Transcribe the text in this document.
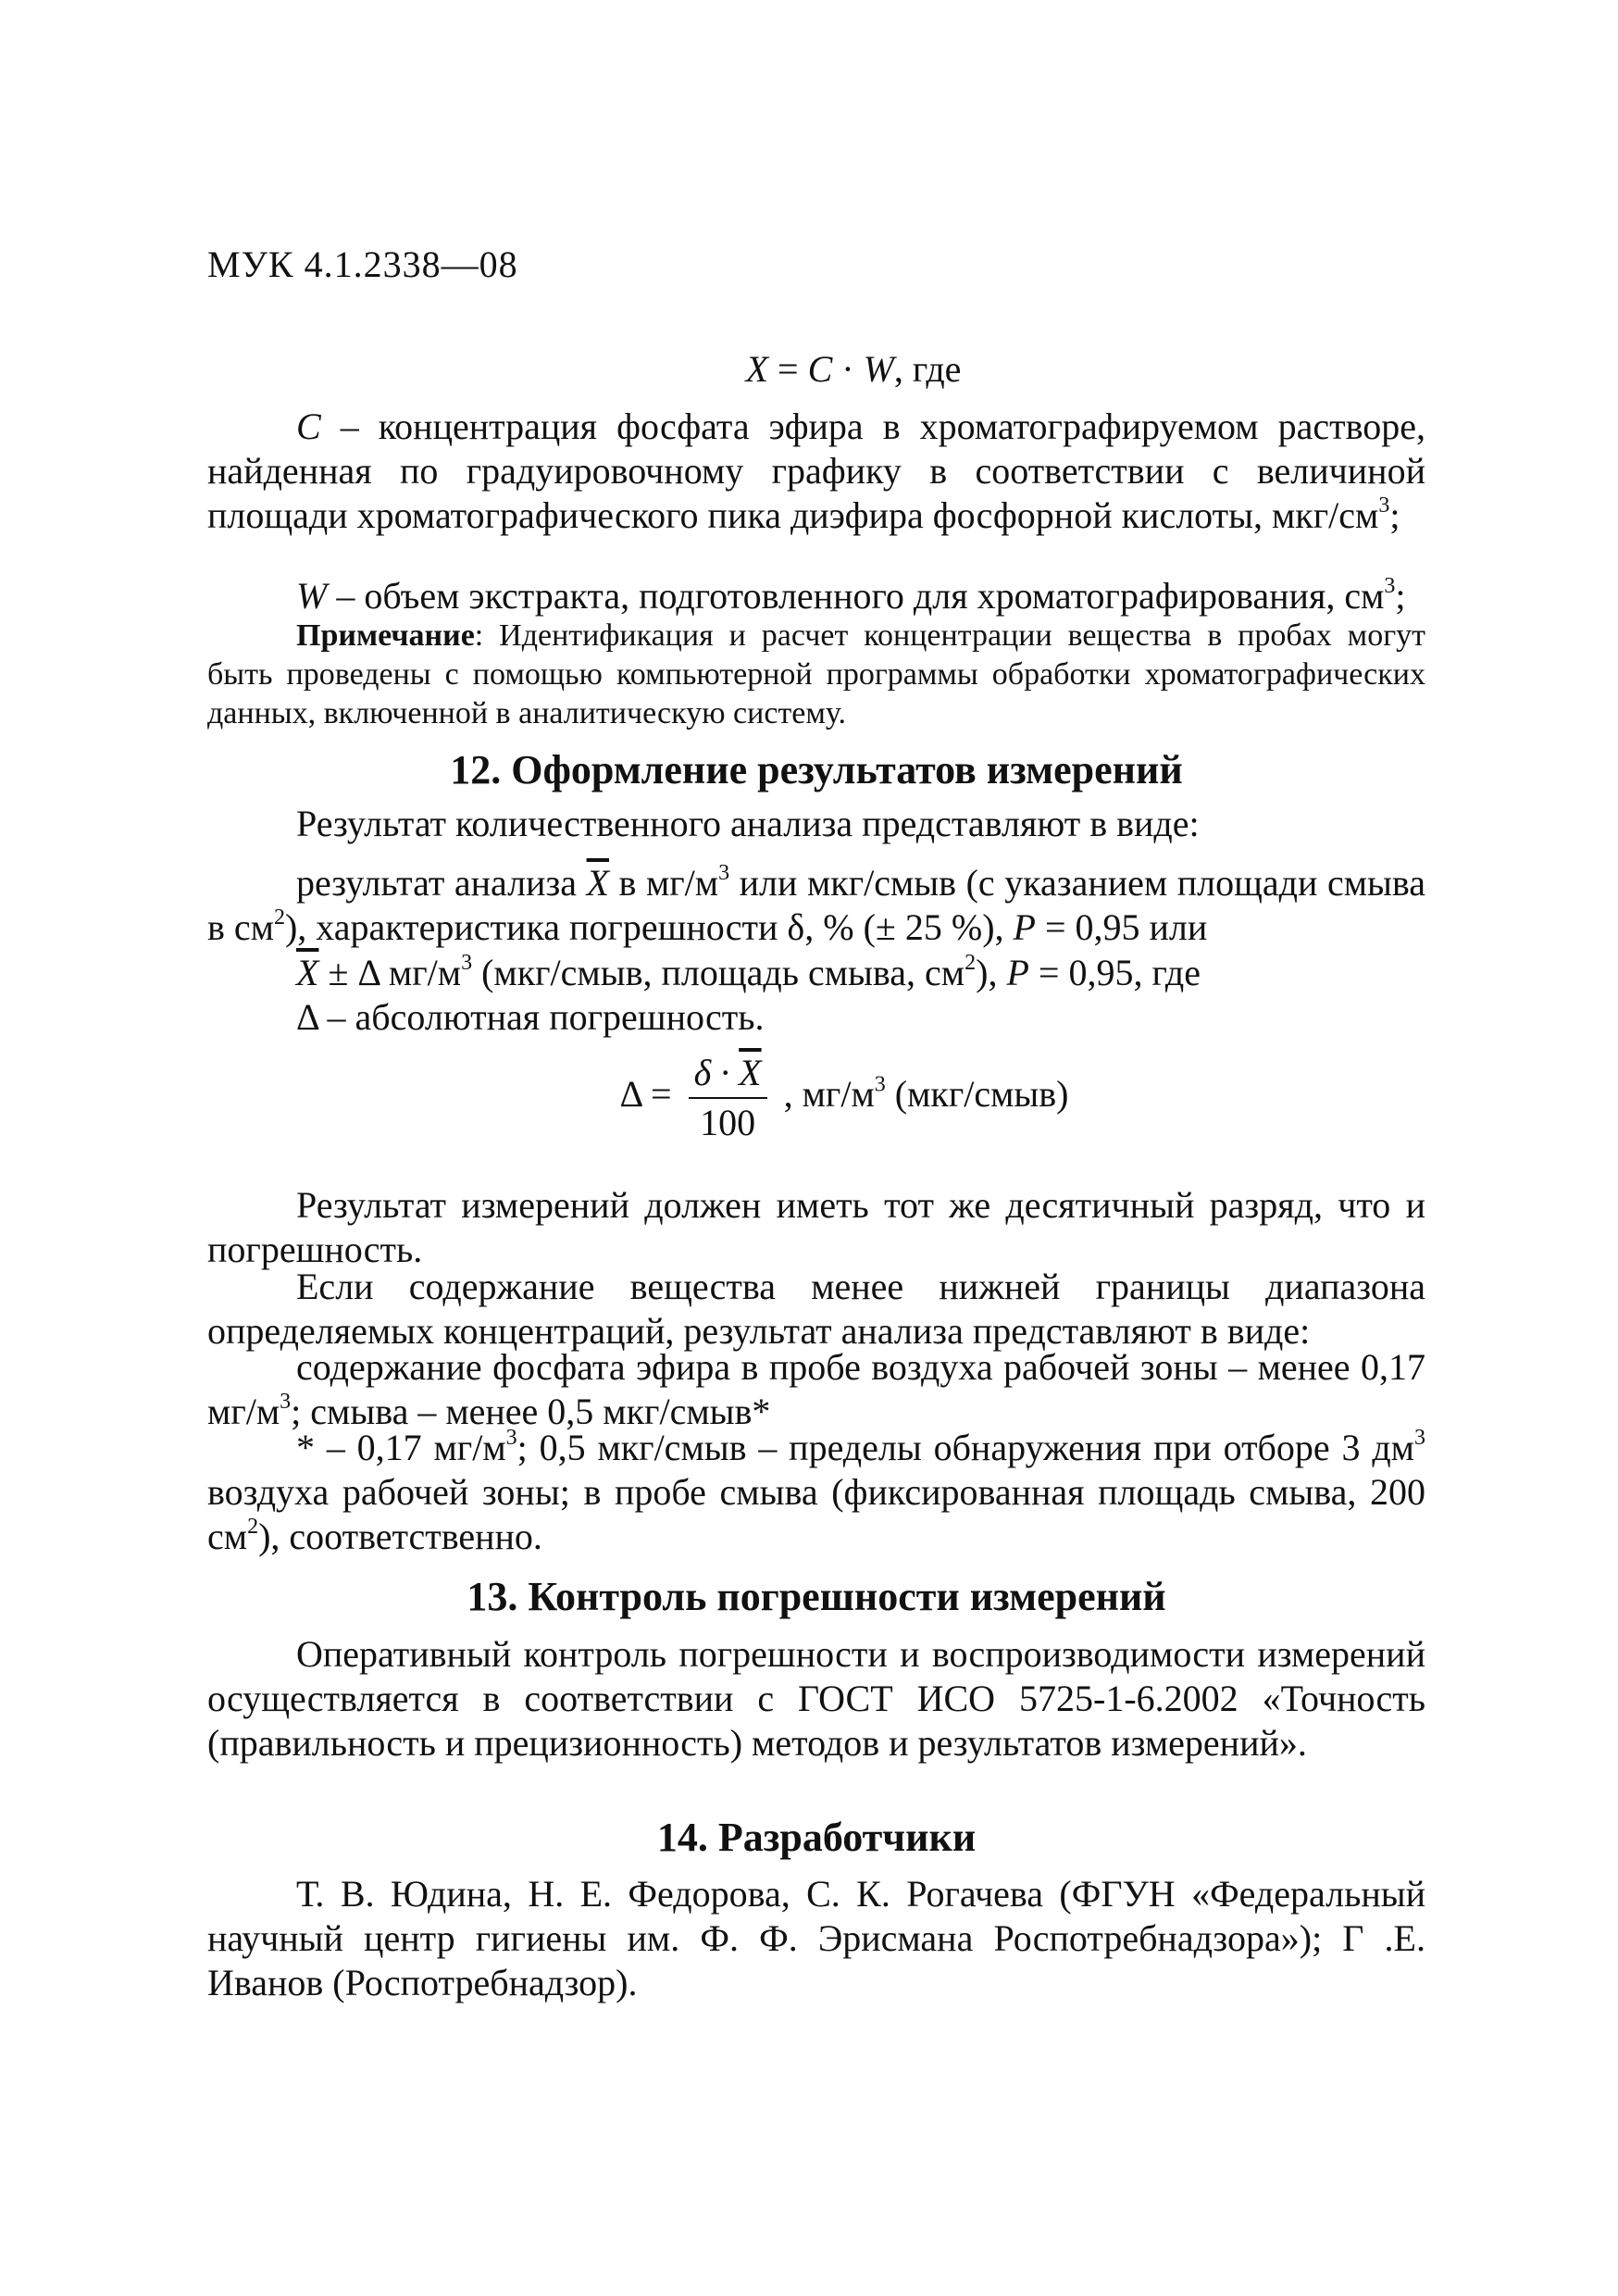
МУК 4.1.2338—08
X = C · W, где
C – концентрация фосфата эфира в хроматографируемом растворе, найденная по градуировочному графику в соответствии с величиной площади хроматографического пика диэфира фосфорной кислоты, мкг/$см^3$;
W – объем экстракта, подготовленного для хроматографирования, $см^3$;
Примечание: Идентификация и расчет концентрации вещества в пробах могут быть проведены с помощью компьютерной программы обработки хроматографических данных, включенной в аналитическую систему.
12. Оформление результатов измерений
Результат количественного анализа представляют в виде:
результат анализа $\overline{X}$ в $мг/м^3$ или мкг/смыв (с указанием площади смыва в $см^2$), характеристика погрешности δ, % (± 25 %), P = 0,95 или
$\overline{X} \pm \Delta$ $мг/м^3$ (мкг/смыв, площадь смыва, $см^2$), P = 0,95, где
Δ – абсолютная погрешность.
$\Delta = \frac{\delta \cdot \overline{X}}{100}$ , $мг/м^3$ (мкг/смыв)
Результат измерений должен иметь тот же десятичный разряд, что и погрешность.
Если содержание вещества менее нижней границы диапазона определяемых концентраций, результат анализа представляют в виде:
содержание фосфата эфира в пробе воздуха рабочей зоны – менее 0,17 $мг/м^3$; смыва – менее 0,5 мкг/смыв*
* – 0,17 $мг/м^3$; 0,5 мкг/смыв – пределы обнаружения при отборе 3 $дм^3$ воздуха рабочей зоны; в пробе смыва (фиксированная площадь смыва, 200 $см^2$), соответственно.
13. Контроль погрешности измерений
Оперативный контроль погрешности и воспроизводимости измерений осуществляется в соответствии с ГОСТ ИСО 5725-1-6.2002 «Точность (правильность и прецизионность) методов и результатов измерений».
14. Разработчики
Т. В. Юдина, Н. Е. Федорова, С. К. Рогачева (ФГУН «Федеральный научный центр гигиены им. Ф. Ф. Эрисмана Роспотребнадзора»); Г .Е. Иванов (Роспотребнадзор).
